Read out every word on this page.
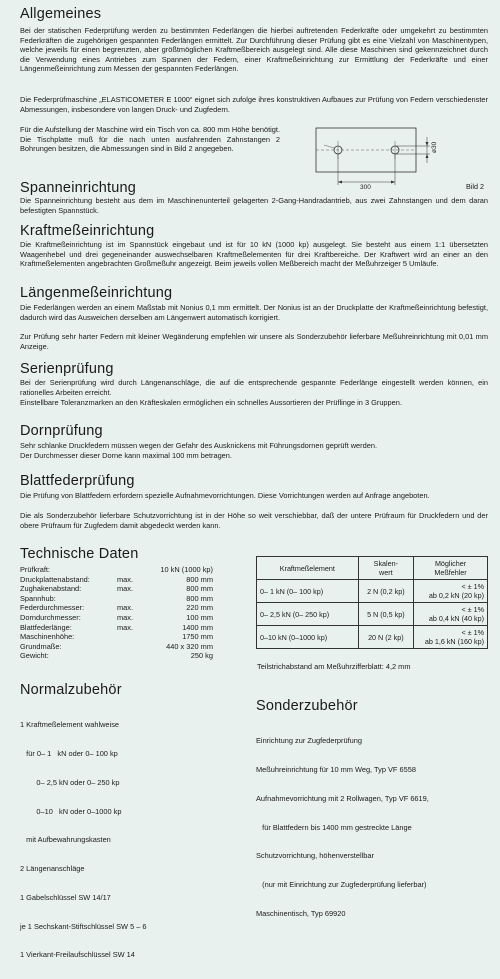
Allgemeines

Bei der statischen Federprüfung werden zu bestimmten Federlängen die hierbei auftretenden Federkräfte oder umgekehrt zu bestimmten Federkräften die zugehörigen gespannten Federlängen ermittelt. Zur Durchführung dieser Prüfung gibt es eine Vielzahl von Maschinentypen, welche jeweils für einen begrenzten, aber größtmöglichen Kraftmeßbereich ausgelegt sind. Alle diese Maschinen sind gekennzeichnet durch die Verwendung eines Antriebes zum Spannen der Federn, einer Kraftmeßeinrichtung zur Ermittlung der Federkräfte und einer Längenmeßeinrichtung zum Messen der gespannten Federlängen.

Die Federprüfmaschine „ELASTICOMETER E 1000“ eignet sich zufolge ihres konstruktiven Aufbaues zur Prüfung von Federn verschiedenster Abmessungen, insbesondere von langen Druck- und Zugfedern.

Für die Aufstellung der Maschine wird ein Tisch von ca. 800 mm Höhe benötigt. Die Tischplatte muß für die nach unten ausfahrenden Zahnstangen 2 Bohrungen besitzen, die Abmessungen sind in Bild 2 angegeben.

300
ø30
Bild 2
Spanneinrichtung

Die Spanneinrichtung besteht aus dem im Maschinenunterteil gelagerten 2-Gang-Handradantrieb, aus zwei Zahnstangen und dem daran befestigten Spannstück.

Kraftmeßeinrichtung

Die Kraftmeßeinrichtung ist im Spannstück eingebaut und ist für 10 kN (1000 kp) ausgelegt. Sie besteht aus einem 1:1 übersetzten Waagenhebel und drei gegeneinander auswechselbaren Kraftmeßelementen für drei Kraftbereiche. Der Kraftwert wird an einer an den Kraftmeßelementen angebrachten Großmeßuhr angezeigt. Beim jeweils vollen Meßbereich macht der Meßuhrzeiger 5 Umläufe.

Längenmeßeinrichtung

Die Federlängen werden an einem Maßstab mit Nonius 0,1 mm ermittelt. Der Nonius ist an der Druckplatte der Kraftmeßeinrichtung befestigt, dadurch wird das Ausweichen derselben am Längenwert automatisch korrigiert.

Zur Prüfung sehr harter Federn mit kleiner Wegänderung empfehlen wir unsere als Sonderzubehör lieferbare Meßuhreinrichtung mit 0,01 mm Anzeige.

Serienprüfung

Bei der Serienprüfung wird durch Längenanschläge, die auf die entsprechende gespannte Federlänge eingestellt werden können, ein rationelles Arbeiten erreicht.

Einstellbare Toleranzmarken an den Kräfteskalen ermöglichen ein schnelles Aussortieren der Prüflinge in 3 Gruppen.

Dornprüfung

Sehr schlanke Druckfedern müssen wegen der Gefahr des Ausknickens mit Führungsdornen geprüft werden.

Der Durchmesser dieser Dorne kann maximal 100 mm betragen.

Blattfederprüfung

Die Prüfung von Blattfedern erfordern spezielle Aufnahmevorrichtungen. Diese Vorrichtungen werden auf Anfrage angeboten.

Die als Sonderzubehör lieferbare Schutzvorrichtung ist in der Höhe so weit verschiebbar, daß der untere Prüfraum für Druckfedern und der obere Prüfraum für Zugfedern damit abgedeckt werden kann.

Technische Daten
Prüfkraft:	10 kN (1000 kp)
Druckplattenabstand:	max.	800 mm
Zughakenabstand:	max.	800 mm
Spannhub:	800 mm
Federdurchmesser:	max.	220 mm
Dorndurchmesser:	max.	100 mm
Blattfederlänge:	max.	1400 mm
Maschinenhöhe:	1750 mm
Grundmaße:	440 x 320 mm
Gewicht:	250 kg
Kraftmeßelement	Skalen-
wert	Möglicher
Meßfehler
0– 1 kN (0– 100 kp)	2 N (0,2 kp)	< ± 1%
ab 0,2 kN (20 kp)

0– 2,5 kN (0– 250 kp)	5 N (0,5 kp)	< ± 1%
ab 0,4 kN (40 kp)

0–10 kN (0–1000 kp)	20 N (2 kp)	< ± 1%
ab 1,6 kN (160 kp)
Teilstrichabstand am Meßuhrzifferblatt: 4,2 mm
Normalzubehör

1 Kraftmeßelement wahlweise

für 0– 1   kN oder 0– 100 kp

0– 2,5 kN oder 0– 250 kp

0–10   kN oder 0–1000 kp

mit Aufbewahrungskasten

2 Längenanschläge

1 Gabelschlüssel SW 14/17

je 1 Sechskant-Stiftschlüssel SW 5 – 6

1 Vierkant-Freilaufschlüssel SW 14

Sonderzubehör

Einrichtung zur Zugfederprüfung

Meßuhreinrichtung für 10 mm Weg, Typ VF 6558

Aufnahmevorrichtung mit 2 Rollwagen, Typ VF 6619,

für Blattfedern bis 1400 mm gestreckte Länge

Schutzvorrichtung, höhenverstellbar

(nur mit Einrichtung zur Zugfederprüfung lieferbar)

Maschinentisch, Typ 69920
